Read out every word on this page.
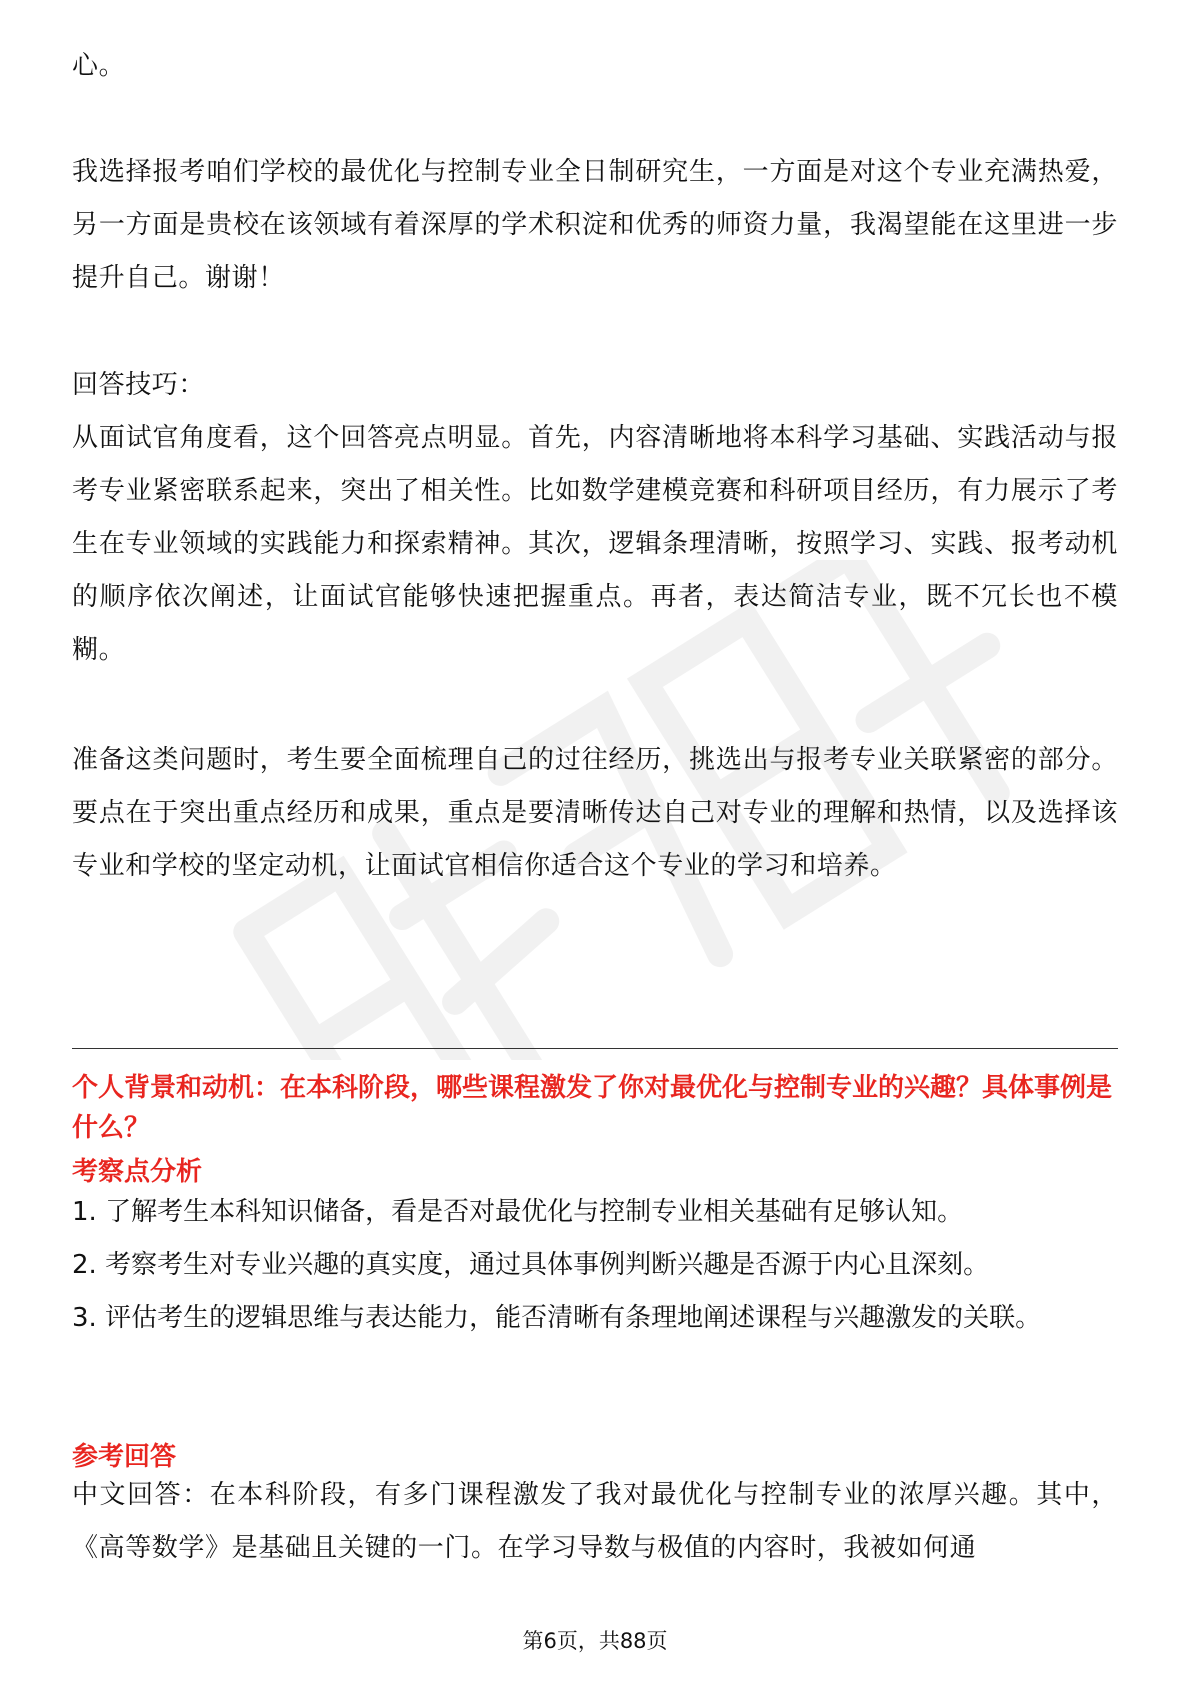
心。

我选择报考咱们学校的最优化与控制专业全日制研究生，一方面是对这个专业充满热爱，另一方面是贵校在该领域有着深厚的学术积淀和优秀的师资力量，我渴望能在这里进一步提升自己。谢谢！

回答技巧：

从面试官角度看，这个回答亮点明显。首先，内容清晰地将本科学习基础、实践活动与报考专业紧密联系起来，突出了相关性。比如数学建模竞赛和科研项目经历，有力展示了考生在专业领域的实践能力和探索精神。其次，逻辑条理清晰，按照学习、实践、报考动机的顺序依次阐述，让面试官能够快速把握重点。再者，表达简洁专业，既不冗长也不模糊。

准备这类问题时，考生要全面梳理自己的过往经历，挑选出与报考专业关联紧密的部分。要点在于突出重点经历和成果，重点是要清晰传达自己对专业的理解和热情，以及选择该专业和学校的坚定动机，让面试官相信你适合这个专业的学习和培养。

个人背景和动机：在本科阶段，哪些课程激发了你对最优化与控制专业的兴趣？具体事例是什么？

考察点分析

1. 了解考生本科知识储备，看是否对最优化与控制专业相关基础有足够认知。

2. 考察考生对专业兴趣的真实度，通过具体事例判断兴趣是否源于内心且深刻。

3. 评估考生的逻辑思维与表达能力，能否清晰有条理地阐述课程与兴趣激发的关联。

参考回答

中文回答：在本科阶段，有多门课程激发了我对最优化与控制专业的浓厚兴趣。其中，《高等数学》是基础且关键的一门。在学习导数与极值的内容时，我被如何通

第6页，共88页
